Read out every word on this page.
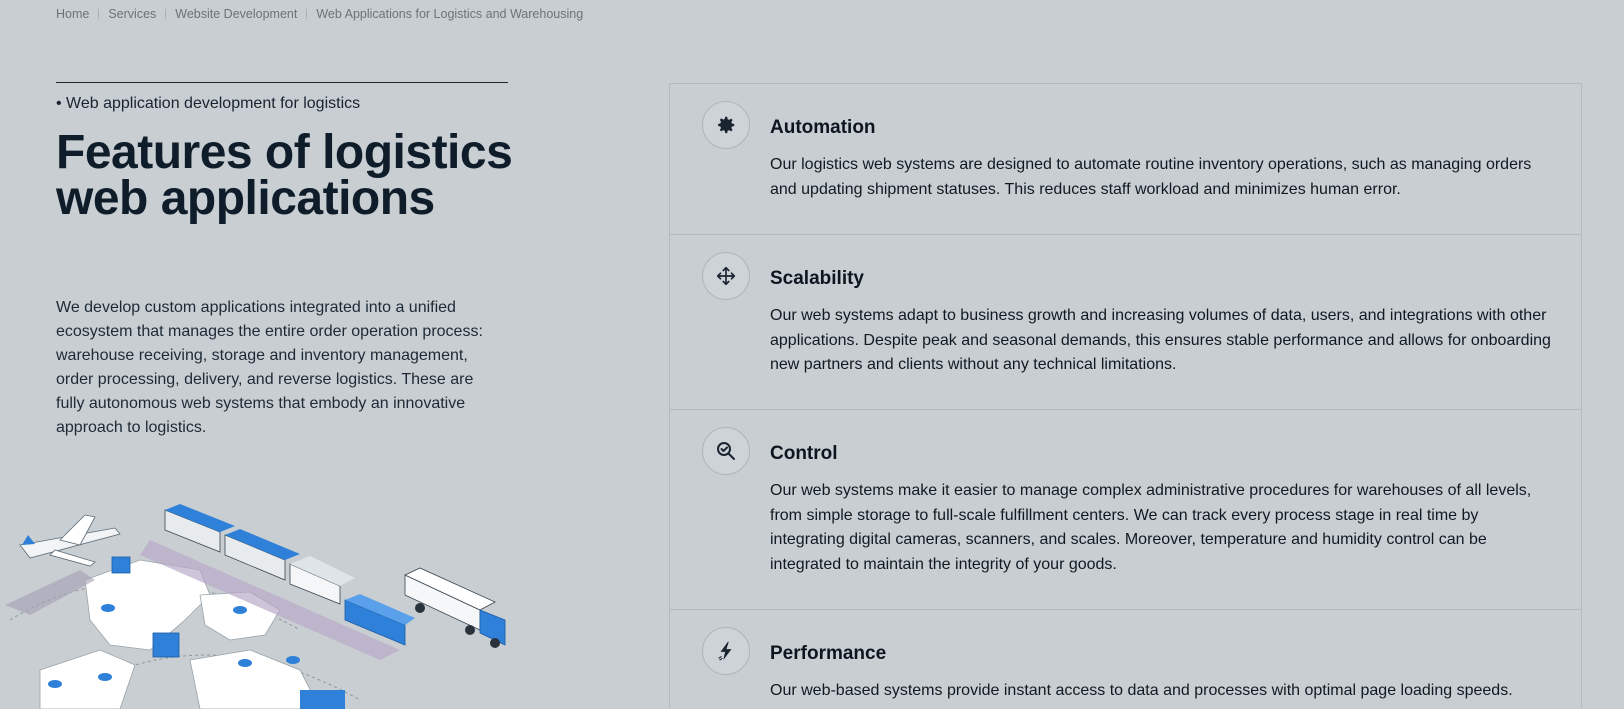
Home Services Website Development Web Applications for Logistics and Warehousing
• Web application development for logistics
Features of logistics web applications

We develop custom applications integrated into a unified ecosystem that manages the entire order operation process: warehouse receiving, storage and inventory management, order processing, delivery, and reverse logistics. These are fully autonomous web systems that embody an innovative approach to logistics.

Automation

Our logistics web systems are designed to automate routine inventory operations, such as managing orders and updating shipment statuses. This reduces staff workload and minimizes human error.

Scalability

Our web systems adapt to business growth and increasing volumes of data, users, and integrations with other applications. Despite peak and seasonal demands, this ensures stable performance and allows for onboarding new partners and clients without any technical limitations.

Control

Our web systems make it easier to manage complex administrative procedures for warehouses of all levels, from simple storage to full-scale fulfillment centers. We can track every process stage in real time by integrating digital cameras, scanners, and scales. Moreover, temperature and humidity control can be integrated to maintain the integrity of your goods.

Performance

Our web-based systems provide instant access to data and processes with optimal page loading speeds.
